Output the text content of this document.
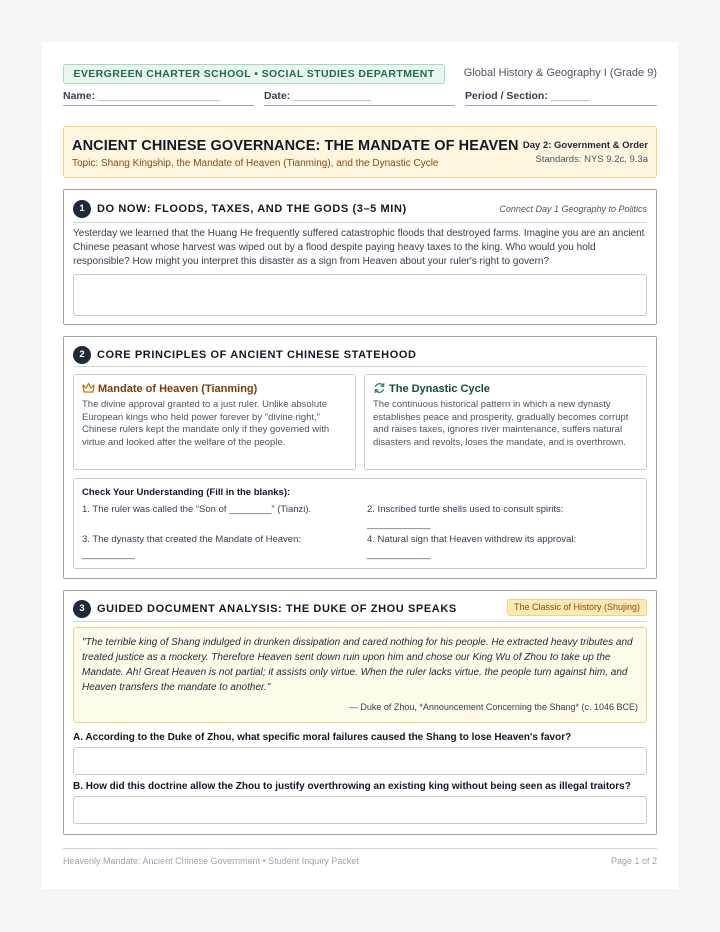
EVERGREEN CHARTER SCHOOL • SOCIAL STUDIES DEPARTMENT	Global History & Geography I (Grade 9)
Name: ______________________	Date: ______________	Period / Section: _______
ANCIENT CHINESE GOVERNANCE: THE MANDATE OF HEAVEN
Topic: Shang Kingship, the Mandate of Heaven (Tianming), and the Dynastic Cycle
Day 2: Government & Order
Standards: NYS 9.2c, 9.3a
1	DO NOW: FLOODS, TAXES, AND THE GODS (3–5 MIN)	Connect Day 1 Geography to Politics
Yesterday we learned that the Huang He frequently suffered catastrophic floods that destroyed farms. Imagine you are an ancient Chinese peasant whose harvest was wiped out by a flood despite paying heavy taxes to the king. Who would you hold responsible? How might you interpret this disaster as a sign from Heaven about your ruler's right to govern?
2	CORE PRINCIPLES OF ANCIENT CHINESE STATEHOOD
Mandate of Heaven (Tianming)
The divine approval granted to a just ruler. Unlike absolute European kings who held power forever by "divine right," Chinese rulers kept the mandate only if they governed with virtue and looked after the welfare of the people.
The Dynastic Cycle
The continuous historical pattern in which a new dynasty establishes peace and prosperity, gradually becomes corrupt and raises taxes, ignores river maintenance, suffers natural disasters and revolts, loses the mandate, and is overthrown.
Check Your Understanding (Fill in the blanks):
1. The ruler was called the “Son of ________” (Tianzi).	2. Inscribed turtle shells used to consult spirits: ____________
3. The dynasty that created the Mandate of Heaven: __________
4. Natural sign that Heaven withdrew its approval: ____________
3	GUIDED DOCUMENT ANALYSIS: THE DUKE OF ZHOU SPEAKS	The Classic of History (Shujing)
"The terrible king of Shang indulged in drunken dissipation and cared nothing for his people. He extracted heavy tributes and treated justice as a mockery. Therefore Heaven sent down ruin upon him and chose our King Wu of Zhou to take up the Mandate. Ah! Great Heaven is not partial; it assists only virtue. When the ruler lacks virtue, the people turn against him, and Heaven transfers the mandate to another."
— Duke of Zhou, *Announcement Concerning the Shang* (c. 1046 BCE)
A. According to the Duke of Zhou, what specific moral failures caused the Shang to lose Heaven's favor?
B. How did this doctrine allow the Zhou to justify overthrowing an existing king without being seen as illegal traitors?
Heavenly Mandate: Ancient Chinese Government • Student Inquiry Packet	Page 1 of 2
